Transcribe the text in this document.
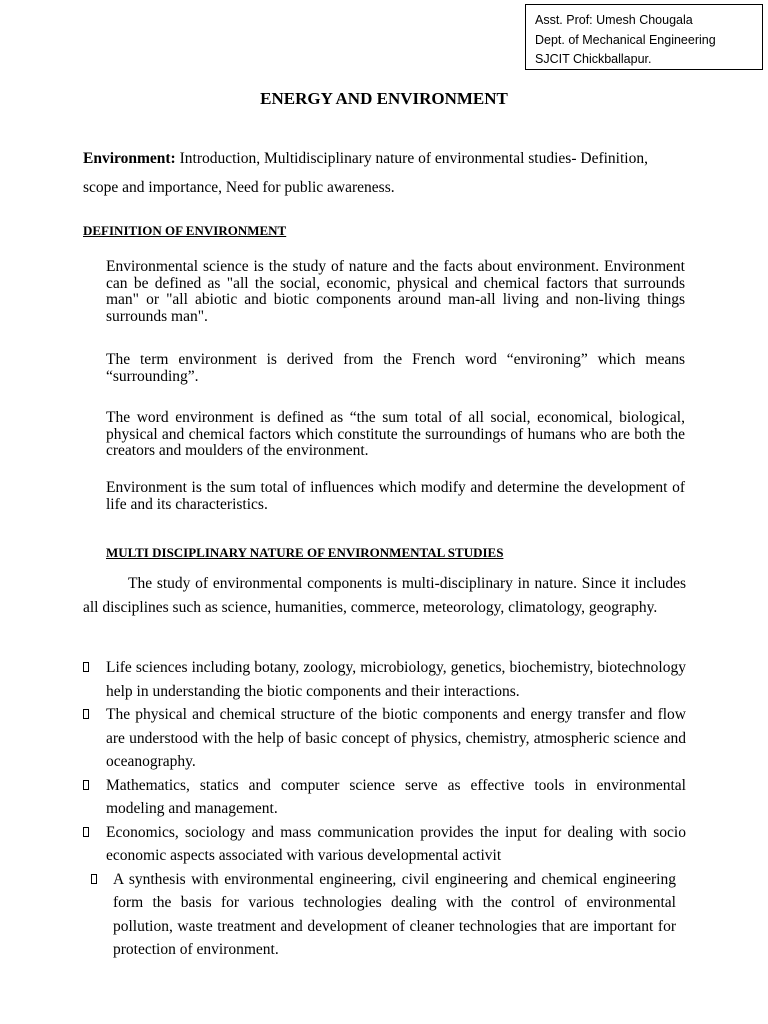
Asst. Prof: Umesh Chougala
Dept. of Mechanical Engineering
SJCIT Chickballapur.
ENERGY AND ENVIRONMENT
Environment: Introduction, Multidisciplinary nature of environmental studies- Definition, scope and importance, Need for public awareness.
DEFINITION OF ENVIRONMENT
Environmental science is the study of nature and the facts about environment. Environment can be defined as "all the social, economic, physical and chemical factors that surrounds man" or "all abiotic and biotic components around man-all living and non-living things surrounds man".
The term environment is derived from the French word “environing” which means “surrounding”.
The word environment is defined as “the sum total of all social, economical, biological, physical and chemical factors which constitute the surroundings of humans who are both the creators and moulders of the environment.
Environment is the sum total of influences which modify and determine the development of life and its characteristics.
MULTI DISCIPLINARY NATURE OF ENVIRONMENTAL STUDIES
The study of environmental components is multi-disciplinary in nature. Since it includes all disciplines such as science, humanities, commerce, meteorology, climatology, geography.
Life sciences including botany, zoology, microbiology, genetics, biochemistry, biotechnology help in understanding the biotic components and their interactions.
The physical and chemical structure of the biotic components and energy transfer and flow are understood with the help of basic concept of physics, chemistry, atmospheric science and oceanography.
Mathematics, statics and computer science serve as effective tools in environmental modeling and management.
Economics, sociology and mass communication provides the input for dealing with socio economic aspects associated with various developmental activit
A synthesis with environmental engineering, civil engineering and chemical engineering form the basis for various technologies dealing with the control of environmental pollution, waste treatment and development of cleaner technologies that are important for protection of environment.
